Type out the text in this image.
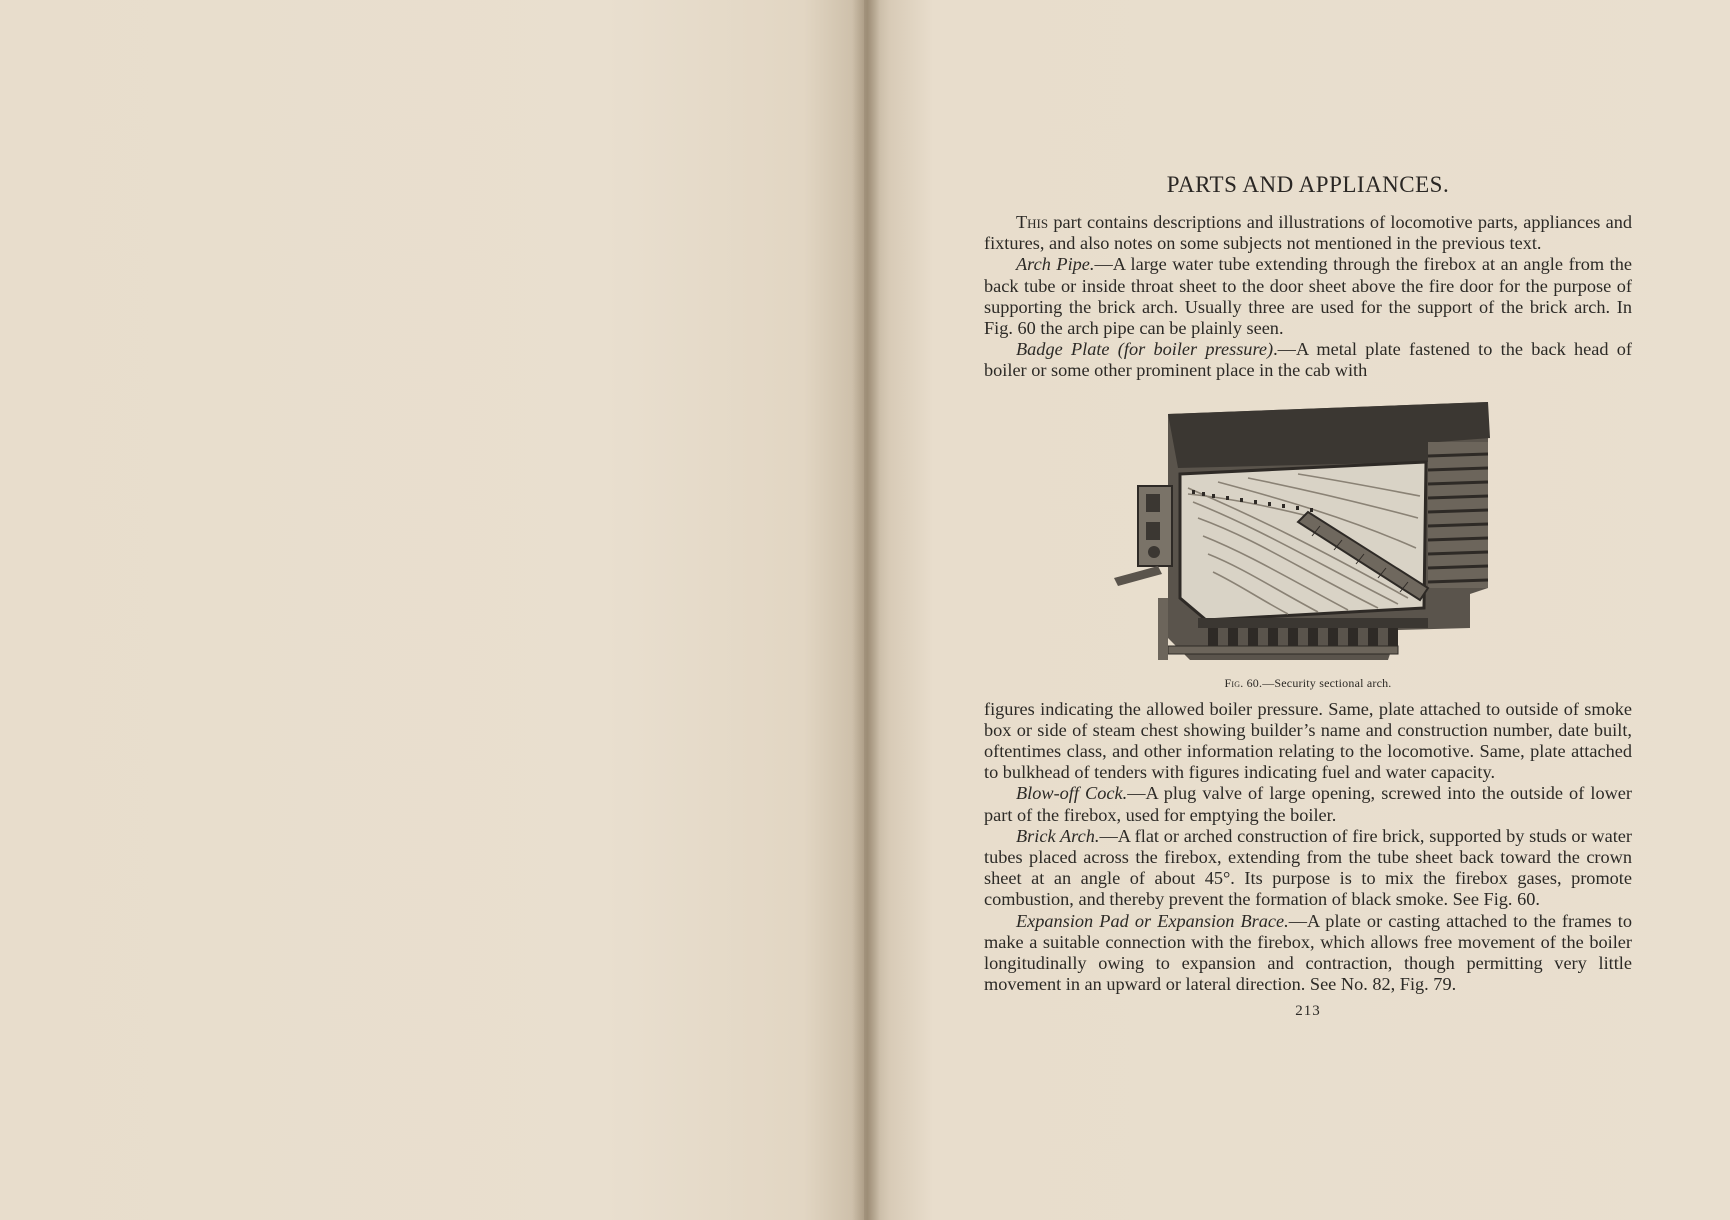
PARTS AND APPLIANCES.

This part contains descriptions and illustrations of locomotive parts, appliances and fixtures, and also notes on some subjects not mentioned in the previous text.

Arch Pipe.—A large water tube extending through the firebox at an angle from the back tube or inside throat sheet to the door sheet above the fire door for the purpose of supporting the brick arch. Usually three are used for the support of the brick arch. In Fig. 60 the arch pipe can be plainly seen.

Badge Plate (for boiler pressure).—A metal plate fastened to the back head of boiler or some other prominent place in the cab with

Fig. 60.—Security sectional arch.

figures indicating the allowed boiler pressure. Same, plate attached to outside of smoke box or side of steam chest showing builder’s name and construction number, date built, oftentimes class, and other information relating to the locomotive. Same, plate attached to bulkhead of tenders with figures indicating fuel and water capacity.

Blow-off Cock.—A plug valve of large opening, screwed into the outside of lower part of the firebox, used for emptying the boiler.

Brick Arch.—A flat or arched construction of fire brick, supported by studs or water tubes placed across the firebox, extending from the tube sheet back toward the crown sheet at an angle of about 45°. Its purpose is to mix the firebox gases, promote combustion, and thereby prevent the formation of black smoke. See Fig. 60.

Expansion Pad or Expansion Brace.—A plate or casting attached to the frames to make a suitable connection with the firebox, which allows free movement of the boiler longitudinally owing to expansion and contraction, though permitting very little movement in an upward or lateral direction. See No. 82, Fig. 79.

213
